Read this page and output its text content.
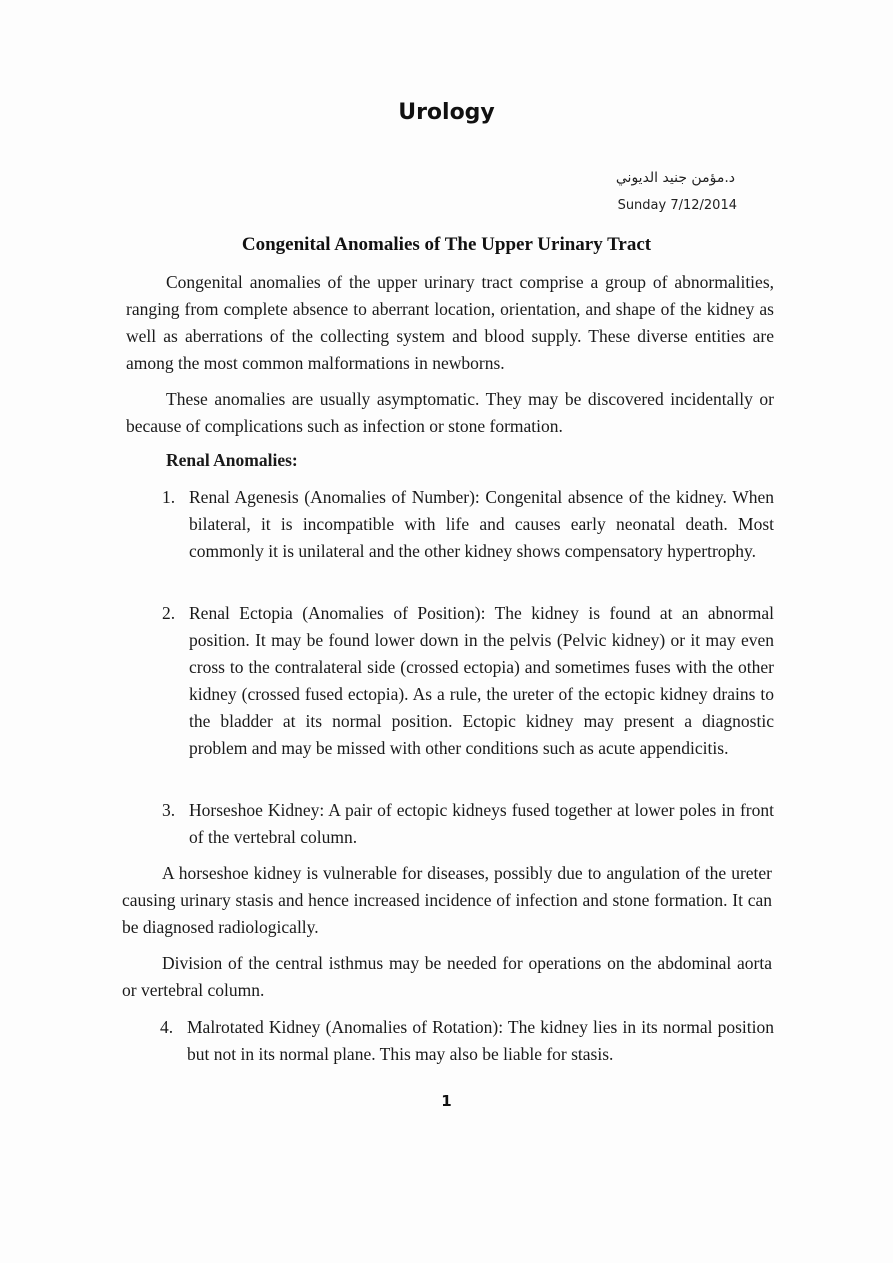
Urology
د.مؤمن جنيد الديوني
Sunday 7/12/2014
Congenital Anomalies of The Upper Urinary Tract

Congenital anomalies of the upper urinary tract comprise a group of abnormalities, ranging from complete absence to aberrant location, orientation, and shape of the kidney as well as aberrations of the collecting system and blood supply. These diverse entities are among the most common malformations in newborns.

These anomalies are usually asymptomatic. They may be discovered incidentally or because of complications such as infection or stone formation.

Renal Anomalies:
1. Renal Agenesis (Anomalies of Number): Congenital absence of the kidney. When bilateral, it is incompatible with life and causes early neonatal death. Most commonly it is unilateral and the other kidney shows compensatory hypertrophy.
2. Renal Ectopia (Anomalies of Position): The kidney is found at an abnormal position. It may be found lower down in the pelvis (Pelvic kidney) or it may even cross to the contralateral side (crossed ectopia) and sometimes fuses with the other kidney (crossed fused ectopia). As a rule, the ureter of the ectopic kidney drains to the bladder at its normal position. Ectopic kidney may present a diagnostic problem and may be missed with other conditions such as acute appendicitis.
3. Horseshoe Kidney: A pair of ectopic kidneys fused together at lower poles in front of the vertebral column.

A horseshoe kidney is vulnerable for diseases, possibly due to angulation of the ureter causing urinary stasis and hence increased incidence of infection and stone formation. It can be diagnosed radiologically.

Division of the central isthmus may be needed for operations on the abdominal aorta or vertebral column.

4. Malrotated Kidney (Anomalies of Rotation): The kidney lies in its normal position but not in its normal plane. This may also be liable for stasis.
1
